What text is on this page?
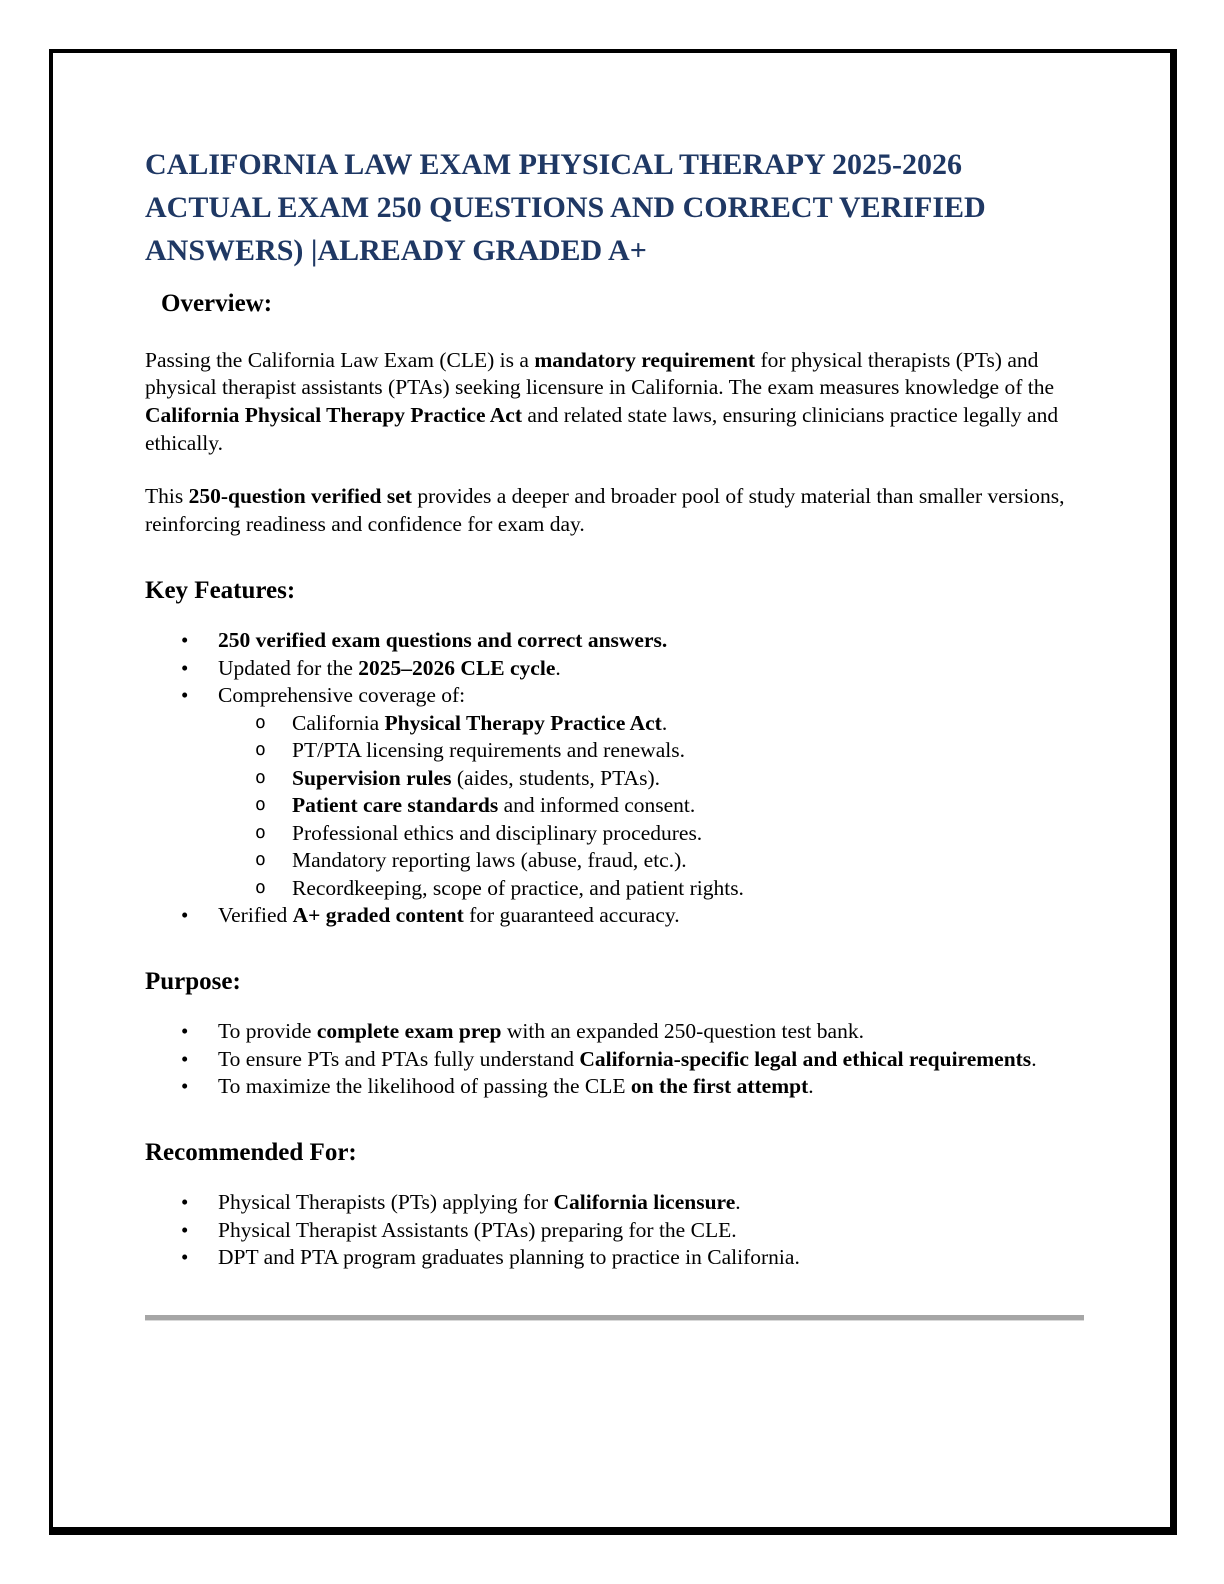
CALIFORNIA LAW EXAM PHYSICAL THERAPY 2025-2026 ACTUAL EXAM 250 QUESTIONS AND CORRECT VERIFIED ANSWERS) |ALREADY GRADED A+
Overview:

Passing the California Law Exam (CLE) is a mandatory requirement for physical therapists (PTs) and physical therapist assistants (PTAs) seeking licensure in California. The exam measures knowledge of the California Physical Therapy Practice Act and related state laws, ensuring clinicians practice legally and ethically.

This 250-question verified set provides a deeper and broader pool of study material than smaller versions, reinforcing readiness and confidence for exam day.

Key Features:
• 250 verified exam questions and correct answers.
• Updated for the 2025–2026 CLE cycle.
• Comprehensive coverage of:
o California Physical Therapy Practice Act.
o PT/PTA licensing requirements and renewals.
o Supervision rules (aides, students, PTAs).
o Patient care standards and informed consent.
o Professional ethics and disciplinary procedures.
o Mandatory reporting laws (abuse, fraud, etc.).
o Recordkeeping, scope of practice, and patient rights.
• Verified A+ graded content for guaranteed accuracy.
Purpose:
• To provide complete exam prep with an expanded 250-question test bank.
• To ensure PTs and PTAs fully understand California-specific legal and ethical requirements.
• To maximize the likelihood of passing the CLE on the first attempt.
Recommended For:
• Physical Therapists (PTs) applying for California licensure.
• Physical Therapist Assistants (PTAs) preparing for the CLE.
• DPT and PTA program graduates planning to practice in California.
